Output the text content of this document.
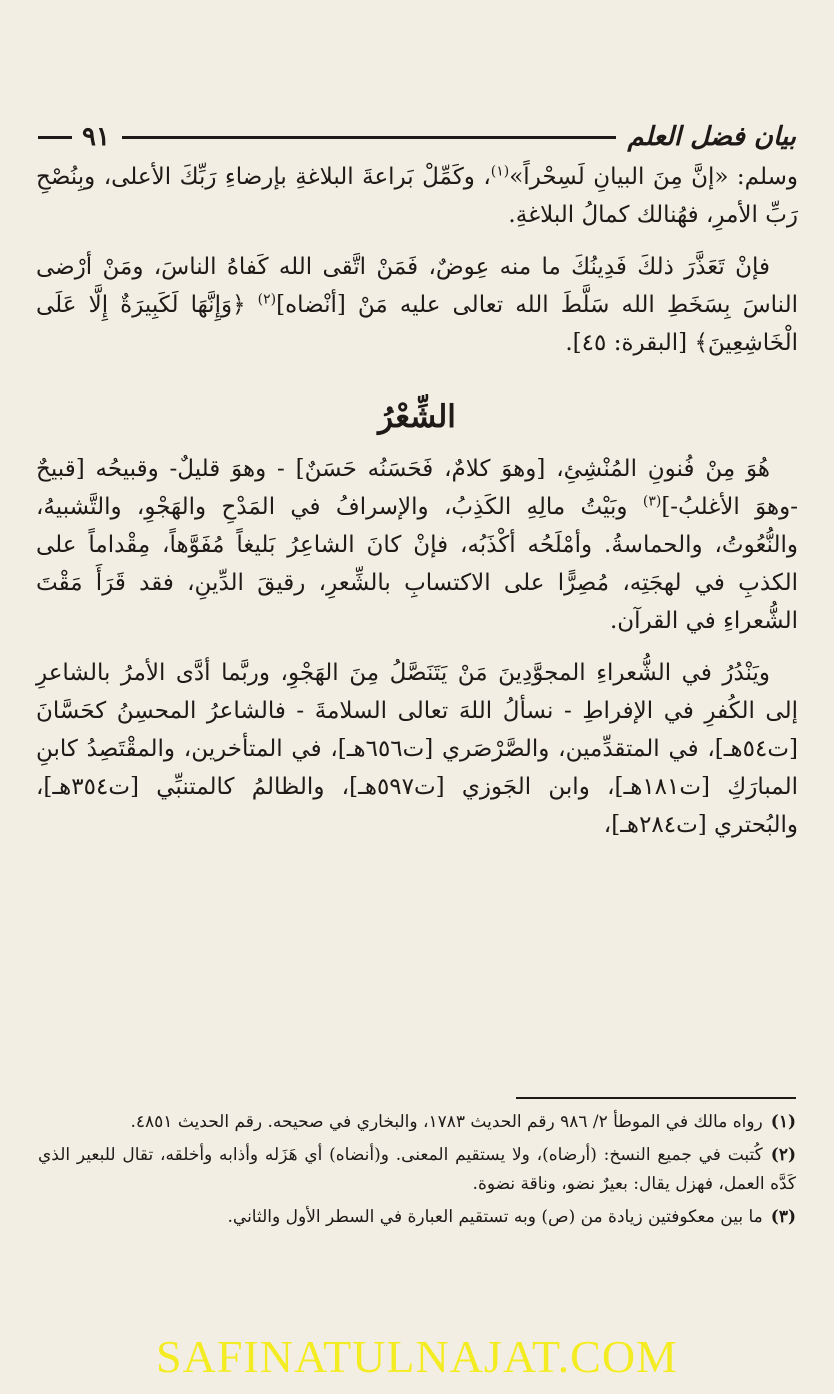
بيان فضل العلم
٩١

وسلم: «إنَّ مِنَ البيانِ لَسِحْراً»$^{(١)}$، وكَمِّلْ بَراعةَ البلاغةِ بإرضاءِ رَبِّكَ الأعلى، وبِنُصْحِ رَبِّ الأمرِ، فهُنالك كمالُ البلاغةِ.

فإنْ تَعَذَّرَ ذلكَ فَدِينُكَ ما منه عِوضٌ، فَمَنْ اتَّقى الله كَفاهُ الناسَ، ومَنْ أرْضى الناسَ بِسَخَطِ الله سَلَّطَ الله تعالى عليه مَنْ [أنْضاه]$^{(٢)}$ ﴿وَإِنَّهَا لَكَبِيرَةٌ إِلَّا عَلَى الْخَاشِعِينَ﴾ [البقرة: ٤٥].

الشِّعْرُ

هُوَ مِنْ فُنونِ المُنْشِئِ، [وهوَ كلامٌ، فَحَسَنُه حَسَنٌ] - وهوَ قليلٌ- وقبيحُه [قبيحٌ -وهوَ الأغلبُ-]$^{(٣)}$ وبَيْتُ مالِهِ الكَذِبُ، والإسرافُ في المَدْحِ والهَجْوِ، والتَّشبيهُ، والنُّعُوتُ، والحماسةُ. وأمْلَحُه أكْذَبُه، فإنْ كانَ الشاعِرُ بَليغاً مُفَوَّهاً، مِقْداماً على الكذبِ في لهجَتِه، مُصِرًّا على الاكتسابِ بالشِّعرِ، رقيقَ الدِّينِ، فقد قَرَأَ مَقْتَ الشُّعراءِ في القرآن.

ويَنْدُرُ في الشُّعراءِ المجوَّدِينَ مَنْ يَتَنَصَّلُ مِنَ الهَجْوِ، وربَّما أدَّى الأمرُ بالشاعرِ إلى الكُفرِ في الإفراطِ - نسألُ اللهَ تعالى السلامةَ - فالشاعرُ المحسِنُ كحَسَّانَ [ت٥٤هـ]، في المتقدِّمين، والصَّرْصَري [ت٦٥٦هـ]، في المتأخرين، والمقْتَصِدُ كابنِ المبارَكِ [ت١٨١هـ]، وابن الجَوزي [ت٥٩٧هـ]، والظالمُ كالمتنبِّي [ت٣٥٤هـ]، والبُحتري [ت٢٨٤هـ]،

(١)رواه مالك في الموطأ ٢/ ٩٨٦ رقم الحديث ١٧٨٣، والبخاري في صحيحه. رقم الحديث ٤٨٥١.

(٢)كُتبت في جميع النسخ: (أرضاه)، ولا يستقيم المعنى. و(أنضاه) أي هَزَله وأذابه وأخلقه، تقال للبعير الذي كَدَّه العمل، فهزل يقال: بعيرٌ نضو، وناقة نضوة.

(٣)ما بين معكوفتين زيادة من (ص) وبه تستقيم العبارة في السطر الأول والثاني.

SAFINATULNAJAT.COM
